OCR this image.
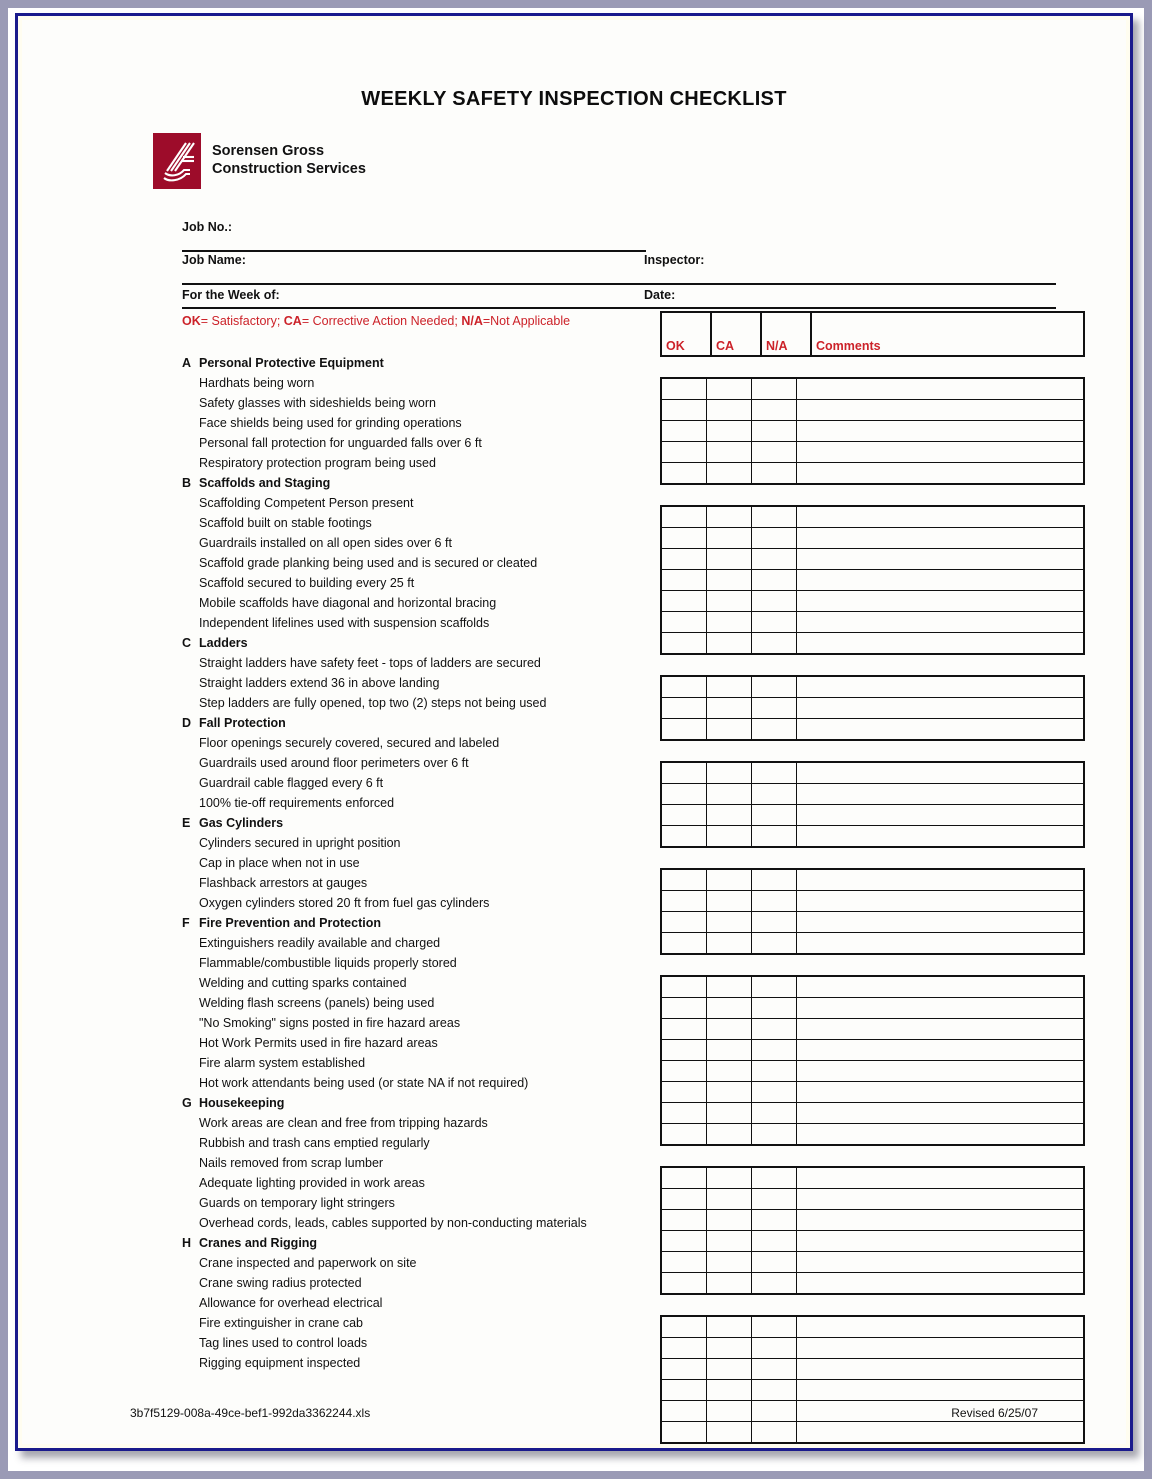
WEEKLY SAFETY INSPECTION CHECKLIST
Sorensen Gross
Construction Services
Job No.:
Job Name:	Inspector:
For the Week of:	Date:
OK= Satisfactory; CA= Corrective Action Needed; N/A=Not Applicable
A Personal Protective Equipment
Hardhats being worn
Safety glasses with sideshields being worn
Face shields being used for grinding operations
Personal fall protection for unguarded falls over 6 ft
Respiratory protection program being used
B Scaffolds and Staging
Scaffolding Competent Person present
Scaffold built on stable footings
Guardrails installed on all open sides over 6 ft
Scaffold grade planking being used and is secured or cleated
Scaffold secured to building every 25 ft
Mobile scaffolds have diagonal and horizontal bracing
Independent lifelines used with suspension scaffolds
C Ladders
Straight ladders have safety feet - tops of ladders are secured
Straight ladders extend 36 in above landing
Step ladders are fully opened, top two (2) steps not being used
D Fall Protection
Floor openings securely covered, secured and labeled
Guardrails used around floor perimeters over 6 ft
Guardrail cable flagged every 6 ft
100% tie-off requirements enforced
E Gas Cylinders
Cylinders secured in upright position
Cap in place when not in use
Flashback arrestors at gauges
Oxygen cylinders stored 20 ft from fuel gas cylinders
F Fire Prevention and Protection
Extinguishers readily available and charged
Flammable/combustible liquids properly stored
Welding and cutting sparks contained
Welding flash screens (panels) being used
"No Smoking" signs posted in fire hazard areas
Hot Work Permits used in fire hazard areas
Fire alarm system established
Hot work attendants being used (or state NA if not required)
G Housekeeping
Work areas are clean and free from tripping hazards
Rubbish and trash cans emptied regularly
Nails removed from scrap lumber
Adequate lighting provided in work areas
Guards on temporary light stringers
Overhead cords, leads, cables supported by non-conducting materials
H Cranes and Rigging
Crane inspected and paperwork on site
Crane swing radius protected
Allowance for overhead electrical
Fire extinguisher in crane cab
Tag lines used to control loads
Rigging equipment inspected
OK	CA	N/A	Comments

3b7f5129-008a-49ce-bef1-992da3362244.xls	Revised 6/25/07
